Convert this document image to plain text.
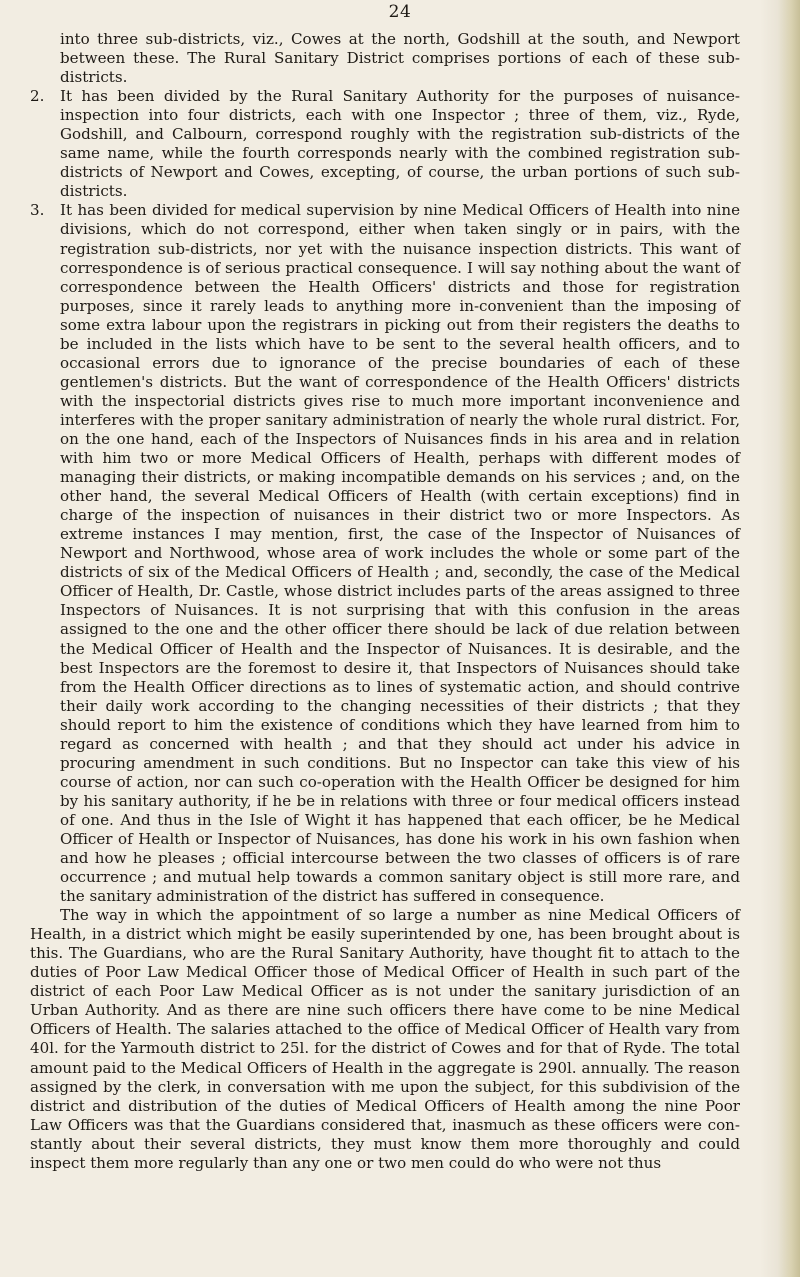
24

into three sub-districts, viz., Cowes at the north, Godshill at the south, and Newport between these. The Rural Sanitary District comprises portions of each of these sub-districts.

2.	It has been divided by the Rural Sanitary Authority for the purposes of nuisance-inspection into four districts, each with one Inspector ; three of them, viz., Ryde, Godshill, and Calbourn, correspond roughly with the registration sub-districts of the same name, while the fourth corresponds nearly with the combined registration sub-districts of Newport and Cowes, excepting, of course, the urban portions of such sub-districts.

3.	It has been divided for medical supervision by nine Medical Officers of Health into nine divisions, which do not correspond, either when taken singly or in pairs, with the registration sub-districts, nor yet with the nuisance inspection districts. This want of correspondence is of serious practical consequence. I will say nothing about the want of correspondence between the Health Officers' districts and those for registration purposes, since it rarely leads to anything more in-convenient than the imposing of some extra labour upon the registrars in picking out from their registers the deaths to be included in the lists which have to be sent to the several health officers, and to occasional errors due to ignorance of the precise boundaries of each of these gentlemen's districts. But the want of correspondence of the Health Officers' districts with the inspectorial districts gives rise to much more important inconvenience and interferes with the proper sanitary administration of nearly the whole rural district. For, on the one hand, each of the Inspectors of Nuisances finds in his area and in relation with him two or more Medical Officers of Health, perhaps with different modes of managing their districts, or making incompatible demands on his services ; and, on the other hand, the several Medical Officers of Health (with certain exceptions) find in charge of the inspection of nuisances in their district two or more Inspectors. As extreme instances I may mention, first, the case of the Inspector of Nuisances of Newport and Northwood, whose area of work includes the whole or some part of the districts of six of the Medical Officers of Health ; and, secondly, the case of the Medical Officer of Health, Dr. Castle, whose district includes parts of the areas assigned to three Inspectors of Nuisances. It is not surprising that with this confusion in the areas assigned to the one and the other officer there should be lack of due relation between the Medical Officer of Health and the Inspector of Nuisances. It is desirable, and the best Inspectors are the foremost to desire it, that Inspectors of Nuisances should take from the Health Officer directions as to lines of systematic action, and should contrive their daily work according to the changing necessities of their districts ; that they should report to him the existence of conditions which they have learned from him to regard as concerned with health ; and that they should act under his advice in procuring amendment in such conditions. But no Inspector can take this view of his course of action, nor can such co-operation with the Health Officer be designed for him by his sanitary authority, if he be in relations with three or four medical officers instead of one. And thus in the Isle of Wight it has happened that each officer, be he Medical Officer of Health or Inspector of Nuisances, has done his work in his own fashion when and how he pleases ; official intercourse between the two classes of officers is of rare occurrence ; and mutual help towards a common sanitary object is still more rare, and the sanitary administration of the district has suffered in consequence.

The way in which the appointment of so large a number as nine Medical Officers of Health, in a district which might be easily superintended by one, has been brought about is this. The Guardians, who are the Rural Sanitary Authority, have thought fit to attach to the duties of Poor Law Medical Officer those of Medical Officer of Health in such part of the district of each Poor Law Medical Officer as is not under the sanitary jurisdiction of an Urban Authority. And as there are nine such officers there have come to be nine Medical Officers of Health. The salaries attached to the office of Medical Officer of Health vary from 40l. for the Yarmouth district to 25l. for the district of Cowes and for that of Ryde. The total amount paid to the Medical Officers of Health in the aggregate is 290l. annually. The reason assigned by the clerk, in conversation with me upon the subject, for this subdivision of the district and distribution of the duties of Medical Officers of Health among the nine Poor Law Officers was that the Guardians considered that, inasmuch as these officers were con-stantly about their several districts, they must know them more thoroughly and could inspect them more regularly than any one or two men could do who were not thus
